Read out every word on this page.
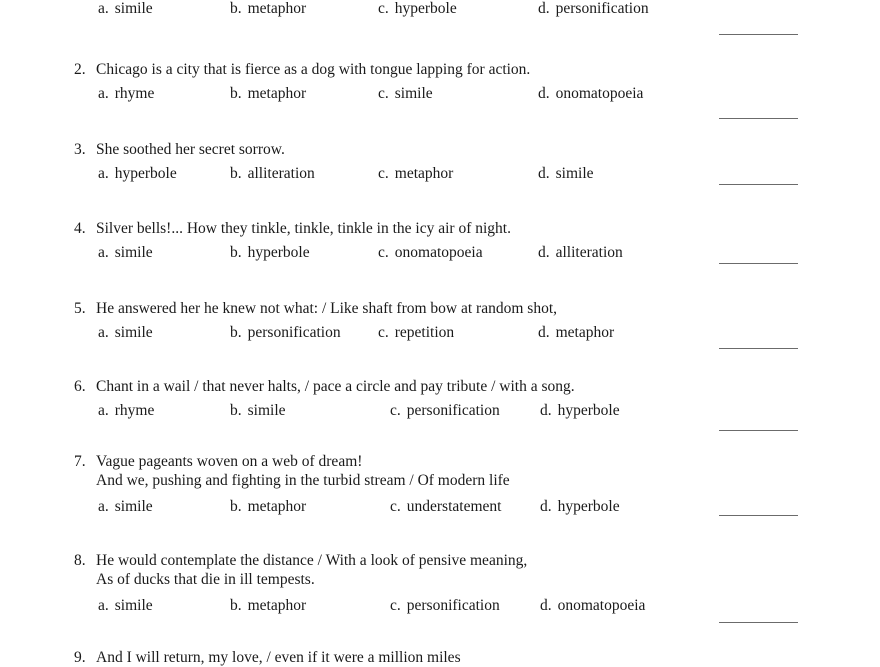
a. simile	b. metaphor	c. hyperbole	d. personification
2. Chicago is a city that is fierce as a dog with tongue lapping for action.
a. rhyme	b. metaphor	c. simile	d. onomatopoeia
3. She soothed her secret sorrow.
a. hyperbole	b. alliteration	c. metaphor	d. simile
4. Silver bells!... How they tinkle, tinkle, tinkle in the icy air of night.
a. simile	b. hyperbole	c. onomatopoeia	d. alliteration
5. He answered her he knew not what: / Like shaft from bow at random shot,
a. simile	b. personification c. repetition	d. metaphor
6. Chant in a wail / that never halts, / pace a circle and pay tribute / with a song.
a. rhyme	b. simile	c. personification	d. hyperbole
7. Vague pageants woven on a web of dream!
And we, pushing and fighting in the turbid stream / Of modern life
a. simile	b. metaphor	c. understatement d. hyperbole
8. He would contemplate the distance / With a look of pensive meaning,
As of ducks that die in ill tempests.
a. simile	b. metaphor	c. personification	d. onomatopoeia
9. And I will return, my love, / even if it were a million miles
